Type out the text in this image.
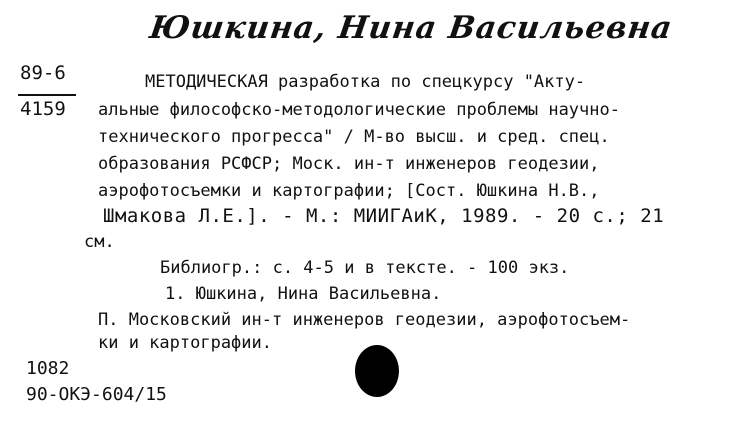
Юшкина, Нина Васильевна
89-6
4159
МЕТОДИЧЕСКАЯ разработка по спецкурсу "Акту-
альные философско-методологические проблемы научно-
технического прогресса" / М-во высш. и сред. спец.
образования РСФСР; Моск. ин-т инженеров геодезии,
аэрофотосъемки и картографии; [Сост. Юшкина Н.В.,
Шмакова Л.Е.]. - М.: МИИГАиК, 1989. - 20 с.; 21
см.
Библиогр.: с. 4-5 и в тексте. - 100 экз.
1. Юшкина, Нина Васильевна.
П. Московский ин-т инженеров геодезии, аэрофотосъем-
ки и картографии.
1082
90-ОКЭ-604/15
